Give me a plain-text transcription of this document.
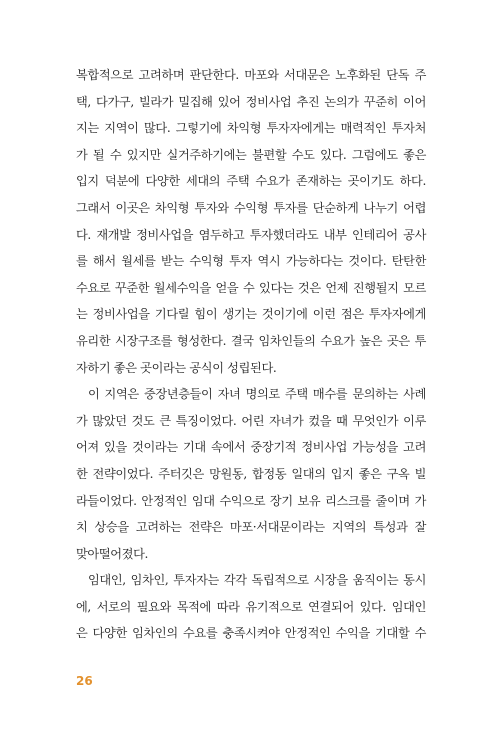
복합적으로 고려하며 판단한다. 마포와 서대문은 노후화된 단독 주
택, 다가구, 빌라가 밀집해 있어 정비사업 추진 논의가 꾸준히 이어
지는 지역이 많다. 그렇기에 차익형 투자자에게는 매력적인 투자처
가 될 수 있지만 실거주하기에는 불편할 수도 있다. 그럼에도 좋은
입지 덕분에 다양한 세대의 주택 수요가 존재하는 곳이기도 하다.
그래서 이곳은 차익형 투자와 수익형 투자를 단순하게 나누기 어렵
다. 재개발 정비사업을 염두하고 투자했더라도 내부 인테리어 공사
를 해서 월세를 받는 수익형 투자 역시 가능하다는 것이다. 탄탄한
수요로 꾸준한 월세수익을 얻을 수 있다는 것은 언제 진행될지 모르
는 정비사업을 기다릴 힘이 생기는 것이기에 이런 점은 투자자에게
유리한 시장구조를 형성한다. 결국 임차인들의 수요가 높은 곳은 투
자하기 좋은 곳이라는 공식이 성립된다.
이 지역은 중장년층들이 자녀 명의로 주택 매수를 문의하는 사례
가 많았던 것도 큰 특징이었다. 어린 자녀가 컸을 때 무엇인가 이루
어져 있을 것이라는 기대 속에서 중장기적 정비사업 가능성을 고려
한 전략이었다. 주터깃은 망원동, 합정동 일대의 입지 좋은 구옥 빌
라들이었다. 안정적인 임대 수익으로 장기 보유 리스크를 줄이며 가
치 상승을 고려하는 전략은 마포·서대문이라는 지역의 특성과 잘
맞아떨어졌다.
임대인, 임차인, 투자자는 각각 독립적으로 시장을 움직이는 동시
에, 서로의 필요와 목적에 따라 유기적으로 연결되어 있다. 임대인
은 다양한 임차인의 수요를 충족시켜야 안정적인 수익을 기대할 수
26
